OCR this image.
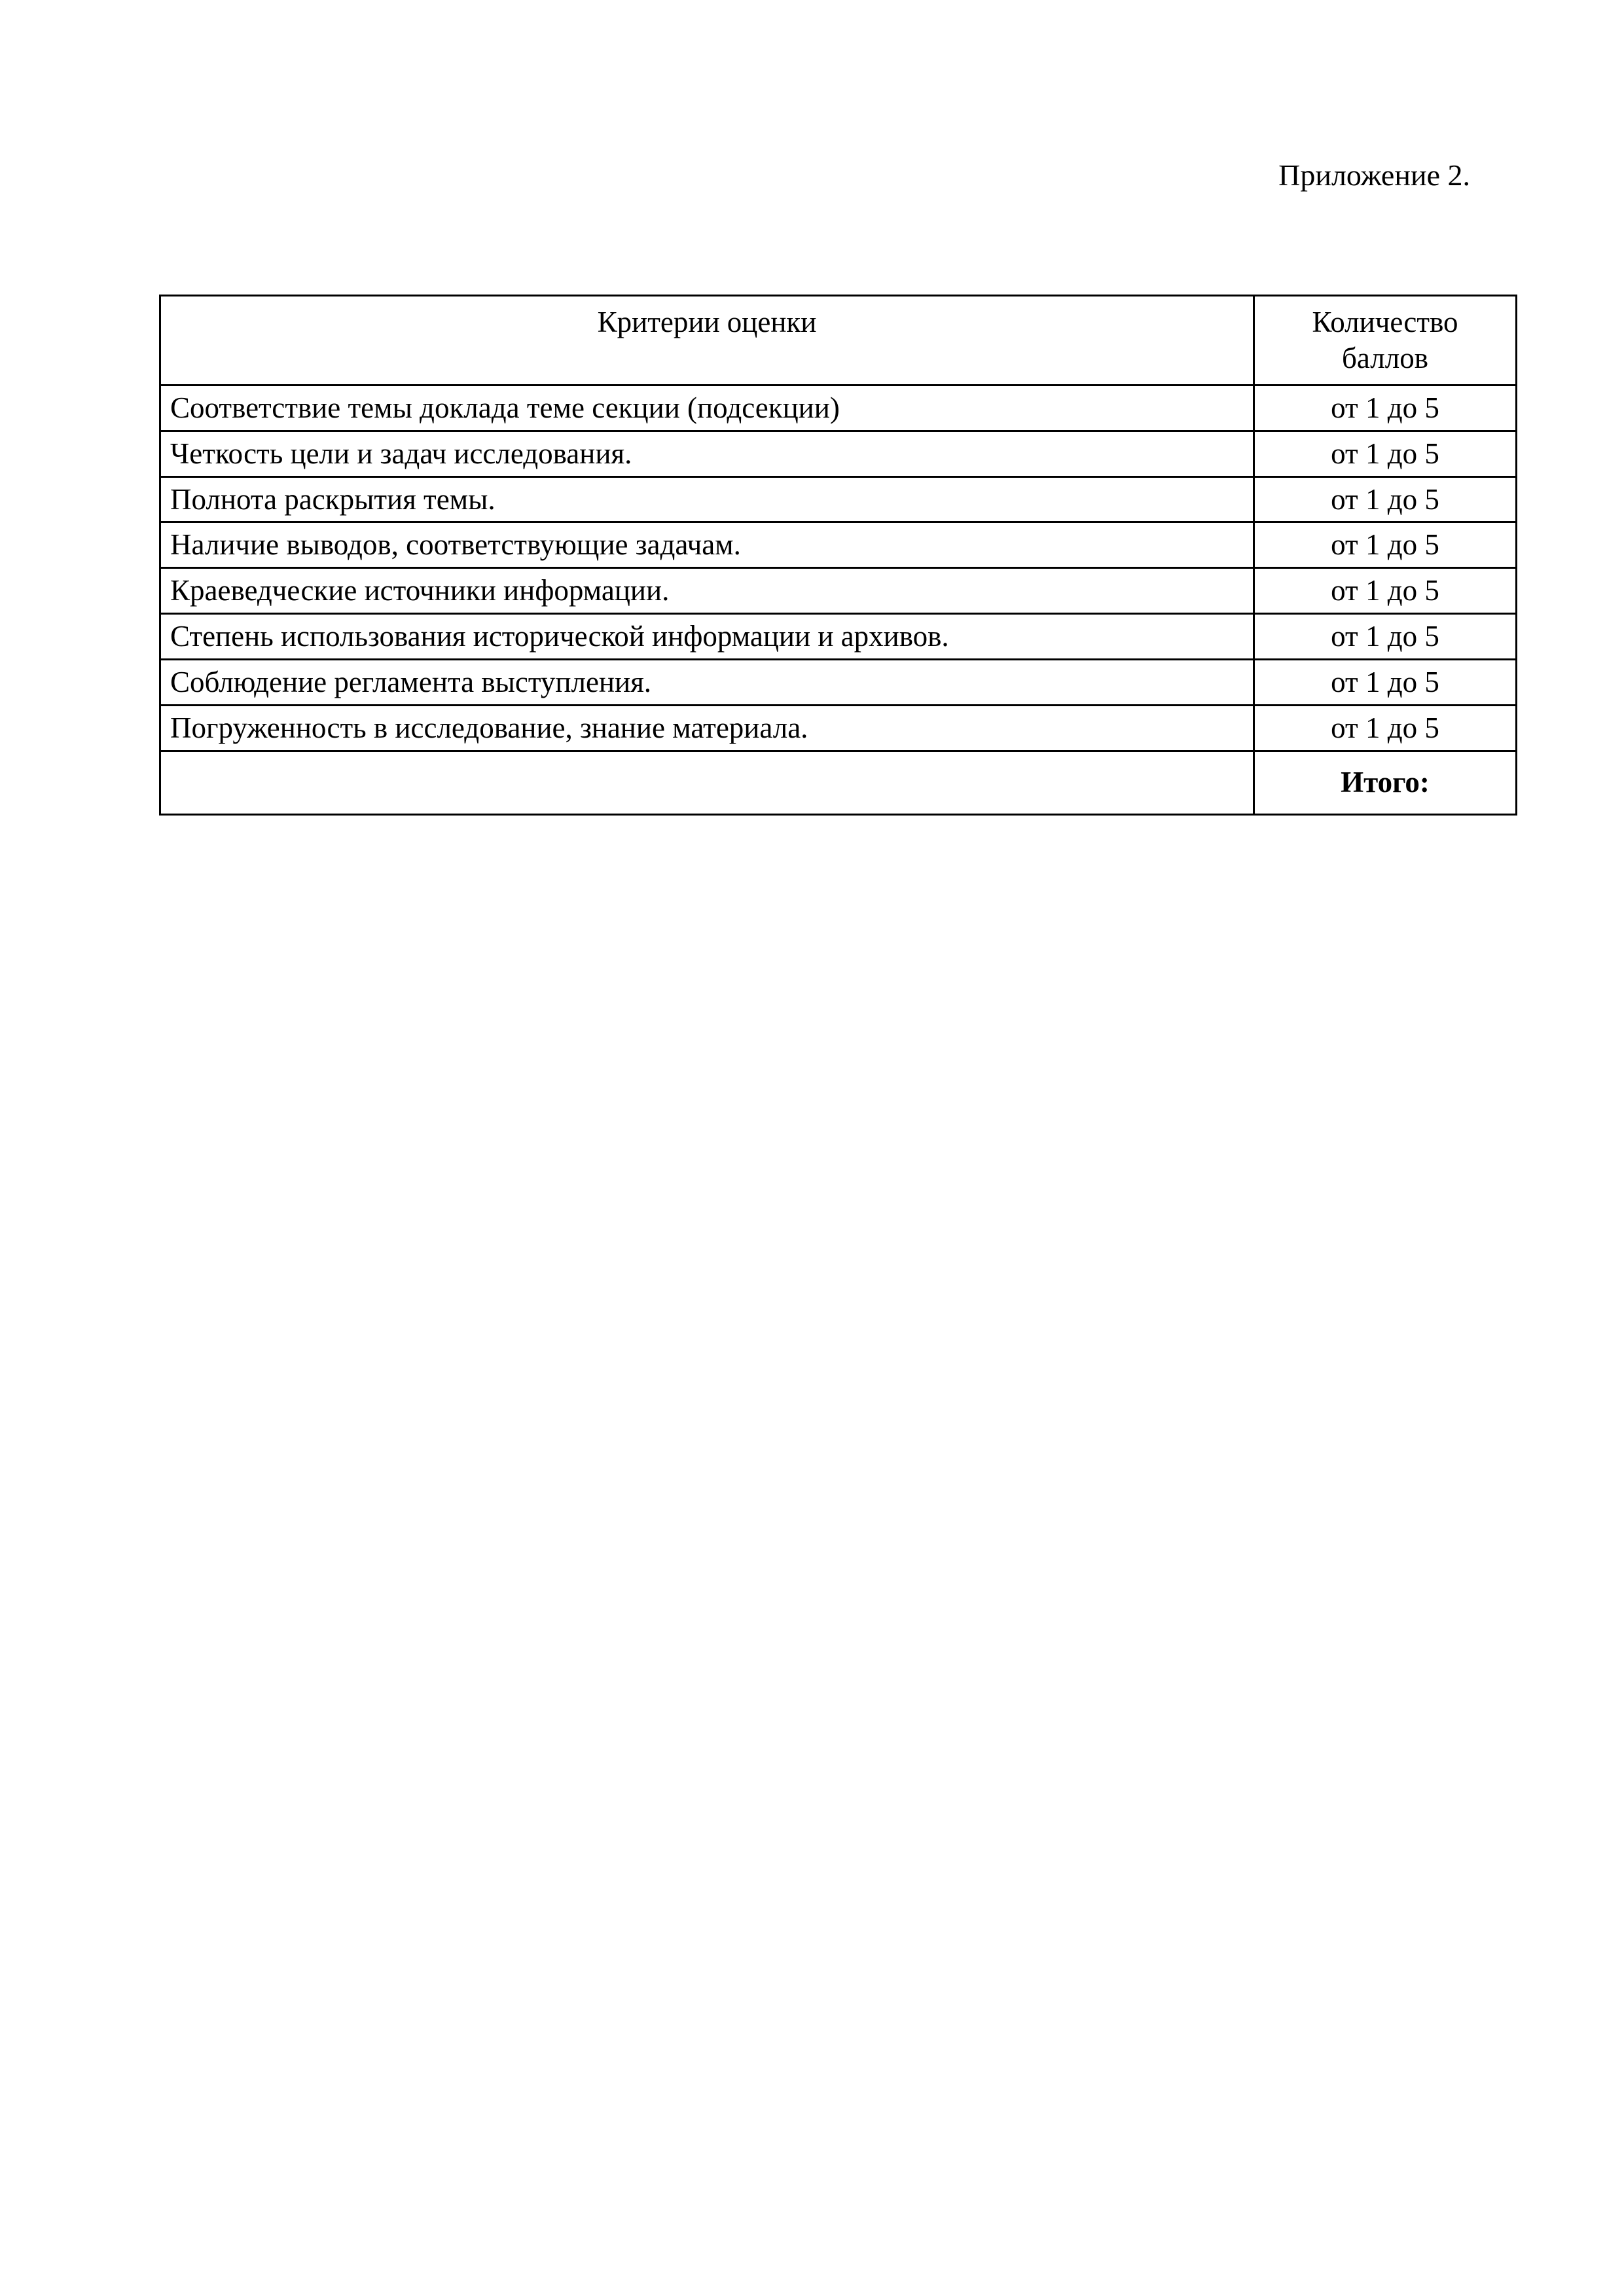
Приложение 2.
Критерии оценки	Количество
баллов

Соответствие темы доклада теме секции (подсекции)	от 1 до 5
Четкость цели и задач исследования.	от 1 до 5
Полнота раскрытия темы.	от 1 до 5
Наличие выводов, соответствующие задачам.	от 1 до 5
Краеведческие источники информации.	от 1 до 5
Степень использования исторической информации и архивов.	от 1 до 5
Соблюдение регламента выступления.	от 1 до 5
Погруженность в исследование, знание материала.	от 1 до 5
	Итого:
